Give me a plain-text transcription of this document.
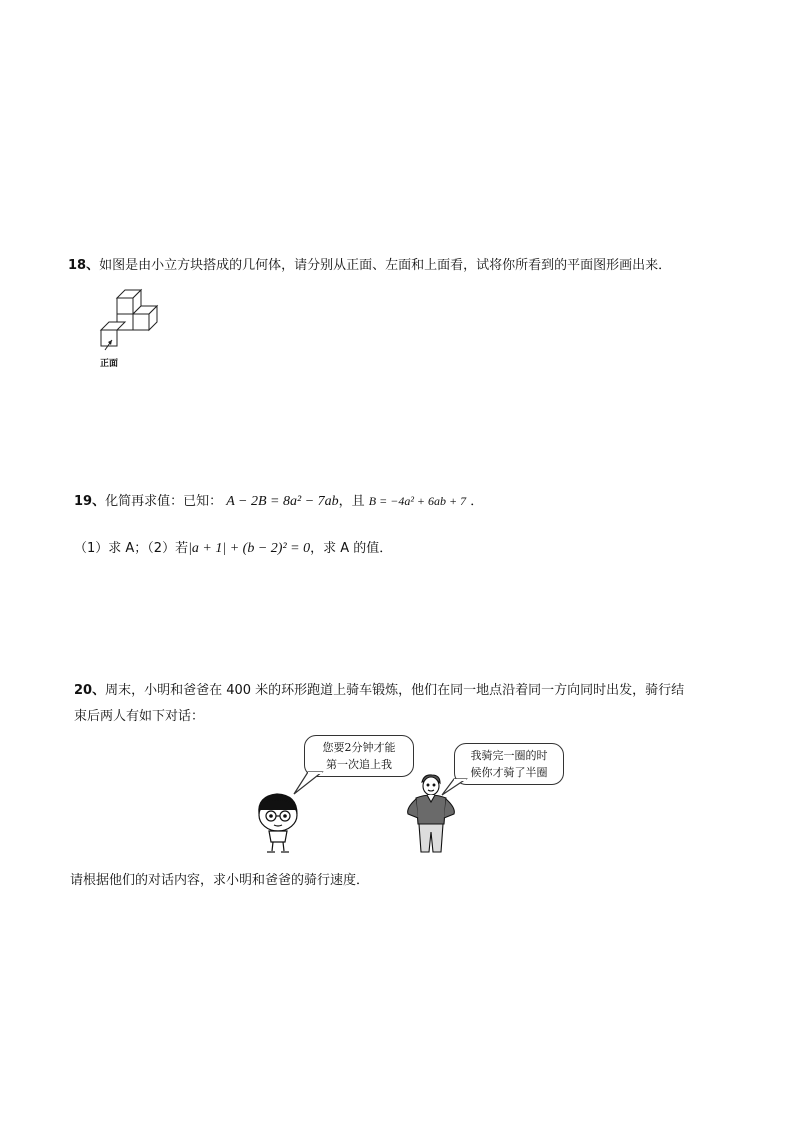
18、如图是由小立方块搭成的几何体，请分别从正面、左面和上面看，试将你所看到的平面图形画出来．
正面
19、化简再求值：已知： A − 2B = 8a² − 7ab，且 B = −4a² + 6ab + 7 ．
（1）求 A；（2）若|a + 1| + (b − 2)² = 0，求 A 的值．
20、周末，小明和爸爸在 400 米的环形跑道上骑车锻炼，他们在同一地点沿着同一方向同时出发，骑行结
束后两人有如下对话：
您要2分钟才能
第一次追上我
我骑完一圈的时
候你才骑了半圈
请根据他们的对话内容，求小明和爸爸的骑行速度．
